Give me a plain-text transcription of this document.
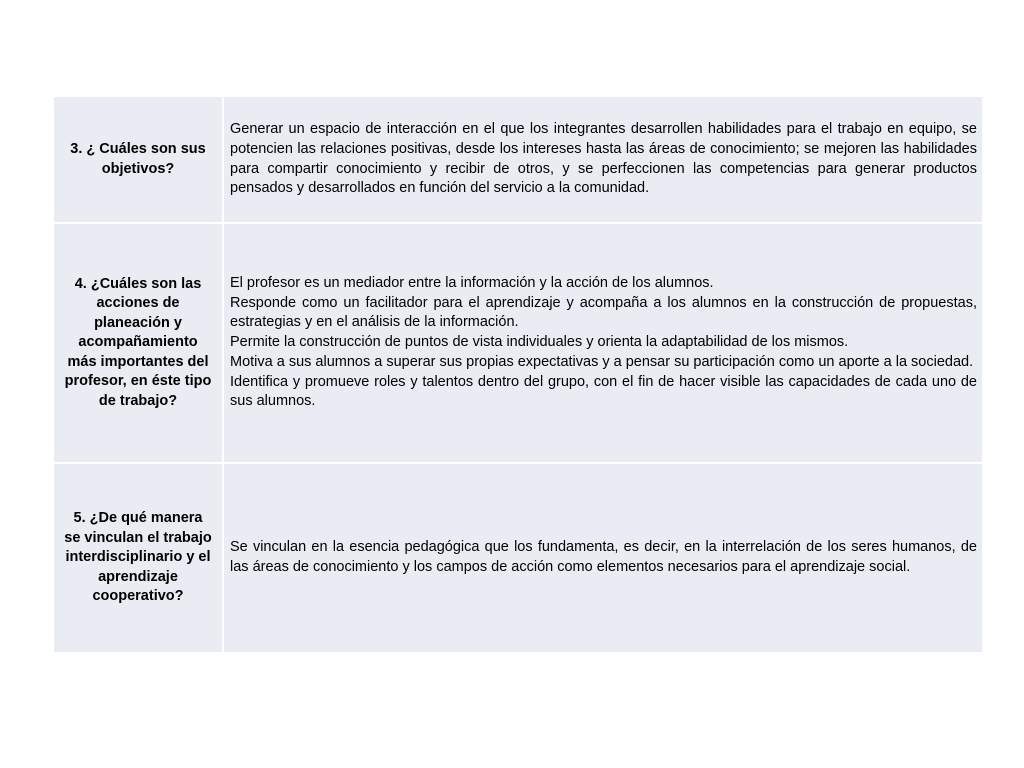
3. ¿ Cuáles son sus objetivos?	Generar un espacio de interacción en el que los integrantes desarrollen habilidades para el trabajo en equipo, se potencien las relaciones positivas, desde los intereses hasta las áreas de conocimiento; se mejoren las habilidades para compartir conocimiento y recibir de otros, y se perfeccionen las competencias para generar productos pensados y desarrollados en función del servicio a la comunidad.

4. ¿Cuáles son las acciones de planeación y acompañamiento más importantes del profesor, en éste tipo de trabajo?	El profesor es un mediador entre la información y la acción de los alumnos.
Responde como un facilitador para el aprendizaje y acompaña a los alumnos en la construcción de propuestas, estrategias y en el análisis de la información.
Permite la construcción de puntos de vista individuales y orienta la adaptabilidad de los mismos.
Motiva a sus alumnos a superar sus propias expectativas y a pensar su participación como un aporte a la sociedad.
Identifica y promueve roles y talentos dentro del grupo, con el fin de hacer visible las capacidades de cada uno de sus alumnos.

5. ¿De qué manera se vinculan el trabajo interdisciplinario y el aprendizaje cooperativo?	Se vinculan en la esencia pedagógica que los fundamenta, es decir, en la interrelación de los seres humanos, de las áreas de conocimiento y los campos de acción como elementos necesarios para el aprendizaje social.
